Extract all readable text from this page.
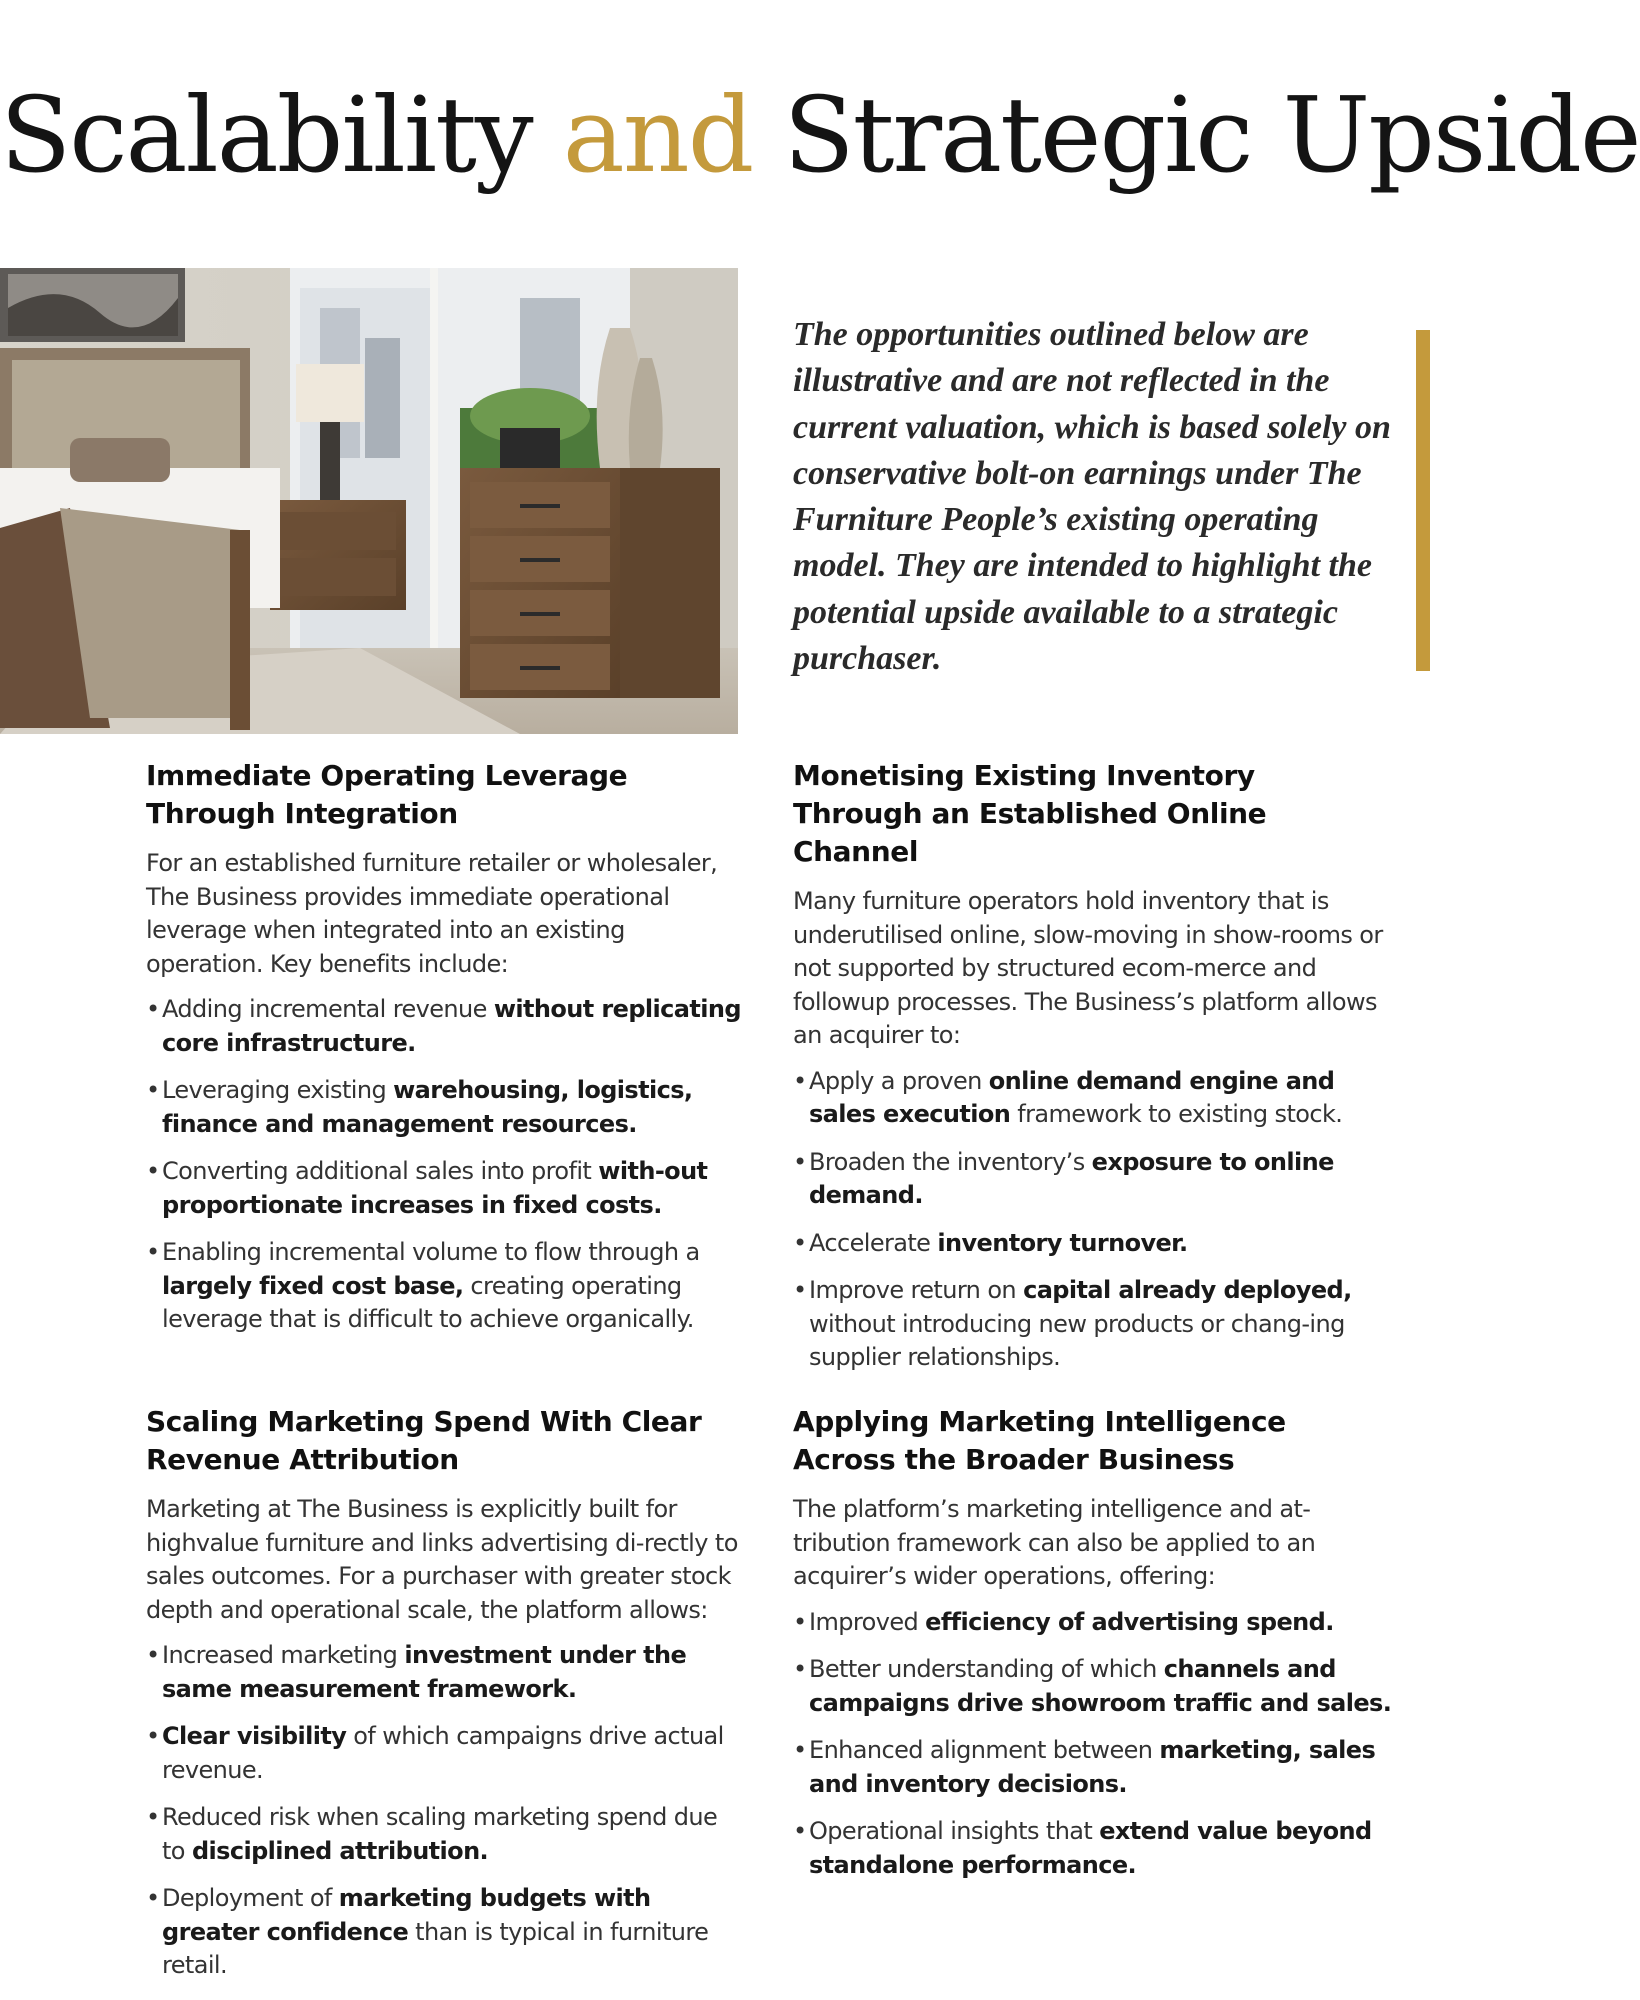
Scalability and Strategic Upside

The opportunities outlined below are illustrative and are not reflected in the current valuation, which is based solely on conservative bolt-on earnings under The Furniture People’s existing operating model. They are intended to highlight the potential upside available to a strategic purchaser.

Immediate Operating Leverage Through Integration

For an established furniture retailer or wholesaler, The Business provides immediate operational leverage when integrated into an existing operation. Key benefits include:

• Adding incremental revenue without replicating core infrastructure.
• Leveraging existing warehousing, logistics, finance and management resources.
• Converting additional sales into profit with-out proportionate increases in fixed costs.
• Enabling incremental volume to flow through a largely fixed cost base, creating operating leverage that is difficult to achieve organically.
Monetising Existing Inventory Through an Established Online Channel

Many furniture operators hold inventory that is underutilised online, slow-moving in show-rooms or not supported by structured ecom-merce and followup processes. The Business’s platform allows an acquirer to:

• Apply a proven online demand engine and sales execution framework to existing stock.
• Broaden the inventory’s exposure to online demand.
• Accelerate inventory turnover.
• Improve return on capital already deployed, without introducing new products or chang-ing supplier relationships.
Scaling Marketing Spend With Clear Revenue Attribution

Marketing at The Business is explicitly built for highvalue furniture and links advertising di-rectly to sales outcomes. For a purchaser with greater stock depth and operational scale, the platform allows:

• Increased marketing investment under the same measurement framework.
• Clear visibility of which campaigns drive actual revenue.
• Reduced risk when scaling marketing spend due to disciplined attribution.
• Deployment of marketing budgets with greater confidence than is typical in furniture retail.
Applying Marketing Intelligence Across the Broader Business

The platform’s marketing intelligence and at-tribution framework can also be applied to an acquirer’s wider operations, offering:

• Improved efficiency of advertising spend.
• Better understanding of which channels and campaigns drive showroom traffic and sales.
• Enhanced alignment between marketing, sales and inventory decisions.
• Operational insights that extend value beyond standalone performance.
